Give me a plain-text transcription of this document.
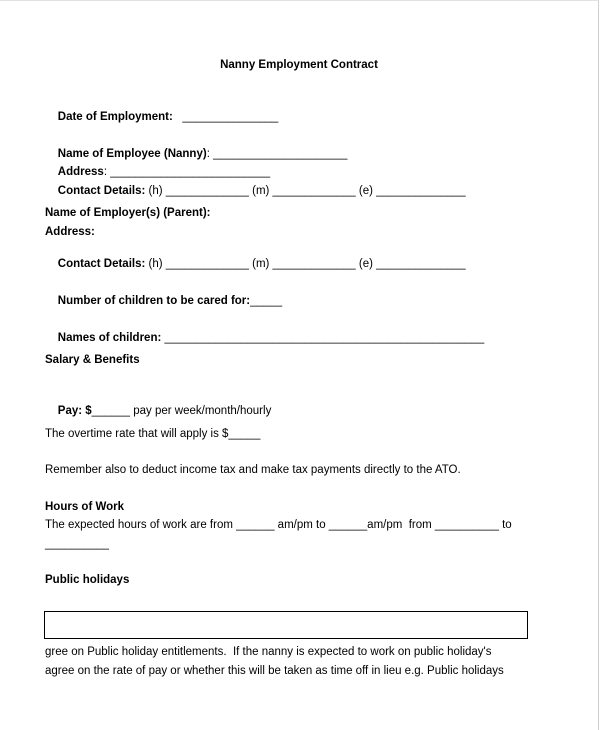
Nanny Employment Contract

Date of Employment:   _______________

Name of Employee (Nanny): _____________________

Address: _________________________

Contact Details: (h) _____________ (m) _____________ (e) ______________

Name of Employer(s) (Parent):
Address:

Contact Details: (h) _____________ (m) _____________ (e) ______________

Number of children to be cared for:_____

Names of children: __________________________________________________

Salary & Benefits

Pay: $______ pay per week/month/hourly

The overtime rate that will apply is $_____
Remember also to deduct income tax and make tax payments directly to the ATO.
Hours of Work
The expected hours of work are from ______ am/pm to ______am/pm  from __________ to
__________
Public holidays
gree on Public holiday entitlements.  If the nanny is expected to work on public holiday's
agree on the rate of pay or whether this will be taken as time off in lieu e.g. Public holidays
